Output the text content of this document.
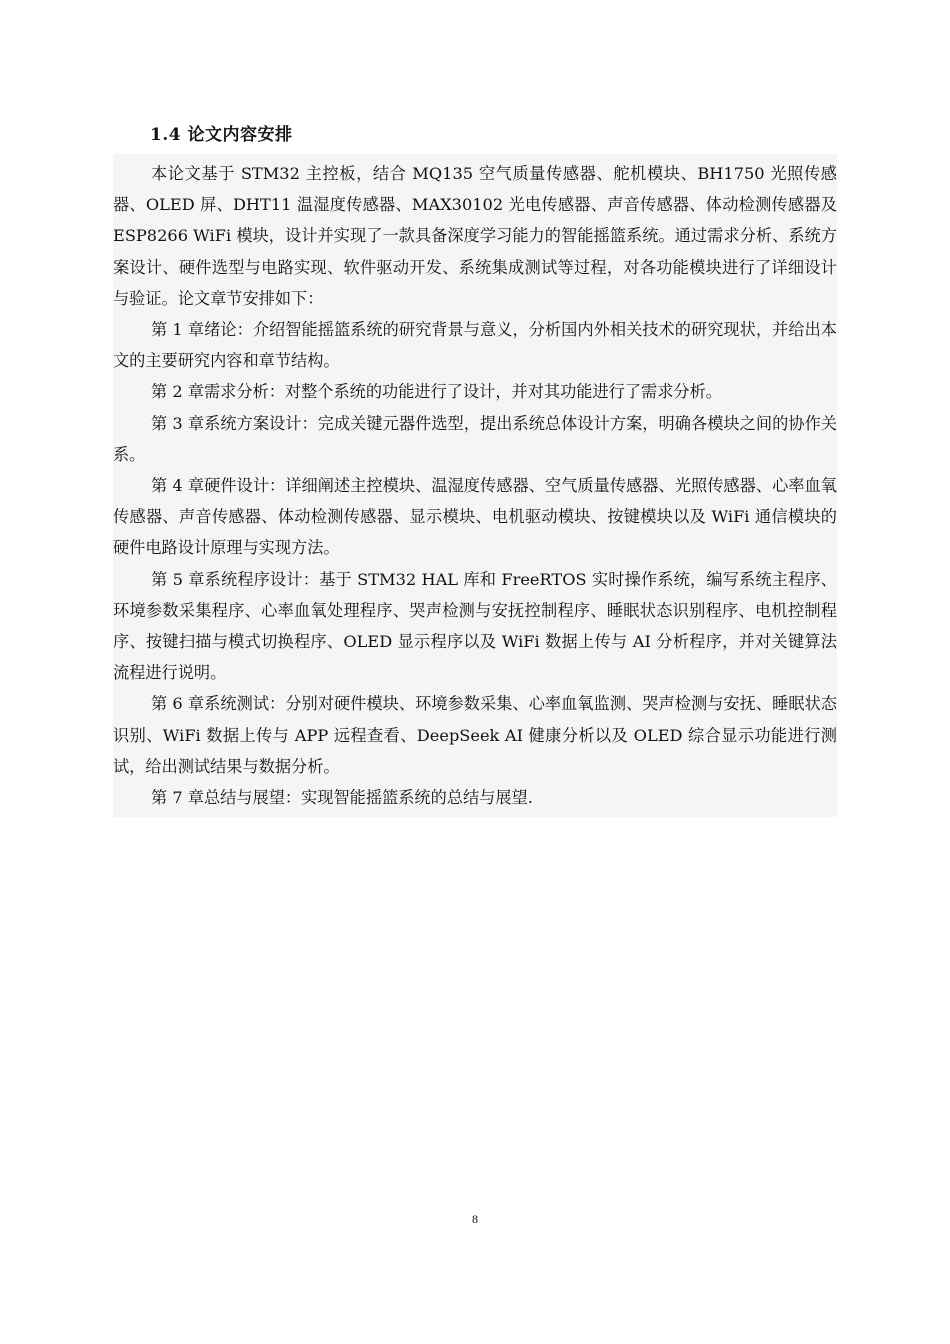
1.4 论文内容安排

本论文基于 STM32 主控板，结合 MQ135 空气质量传感器、舵机模块、BH1750 光照传感器、OLED 屏、DHT11 温湿度传感器、MAX30102 光电传感器、声音传感器、体动检测传感器及 ESP8266 WiFi 模块，设计并实现了一款具备深度学习能力的智能摇篮系统。通过需求分析、系统方案设计、硬件选型与电路实现、软件驱动开发、系统集成测试等过程，对各功能模块进行了详细设计与验证。论文章节安排如下：

第 1 章绪论：介绍智能摇篮系统的研究背景与意义，分析国内外相关技术的研究现状，并给出本文的主要研究内容和章节结构。

第 2 章需求分析：对整个系统的功能进行了设计，并对其功能进行了需求分析。

第 3 章系统方案设计：完成关键元器件选型，提出系统总体设计方案，明确各模块之间的协作关系。

第 4 章硬件设计：详细阐述主控模块、温湿度传感器、空气质量传感器、光照传感器、心率血氧传感器、声音传感器、体动检测传感器、显示模块、电机驱动模块、按键模块以及 WiFi 通信模块的硬件电路设计原理与实现方法。

第 5 章系统程序设计：基于 STM32 HAL 库和 FreeRTOS 实时操作系统，编写系统主程序、环境参数采集程序、心率血氧处理程序、哭声检测与安抚控制程序、睡眠状态识别程序、电机控制程序、按键扫描与模式切换程序、OLED 显示程序以及 WiFi 数据上传与 AI 分析程序，并对关键算法流程进行说明。

第 6 章系统测试：分别对硬件模块、环境参数采集、心率血氧监测、哭声检测与安抚、睡眠状态识别、WiFi 数据上传与 APP 远程查看、DeepSeek AI 健康分析以及 OLED 综合显示功能进行测试，给出测试结果与数据分析。

第 7 章总结与展望：实现智能摇篮系统的总结与展望.

8
